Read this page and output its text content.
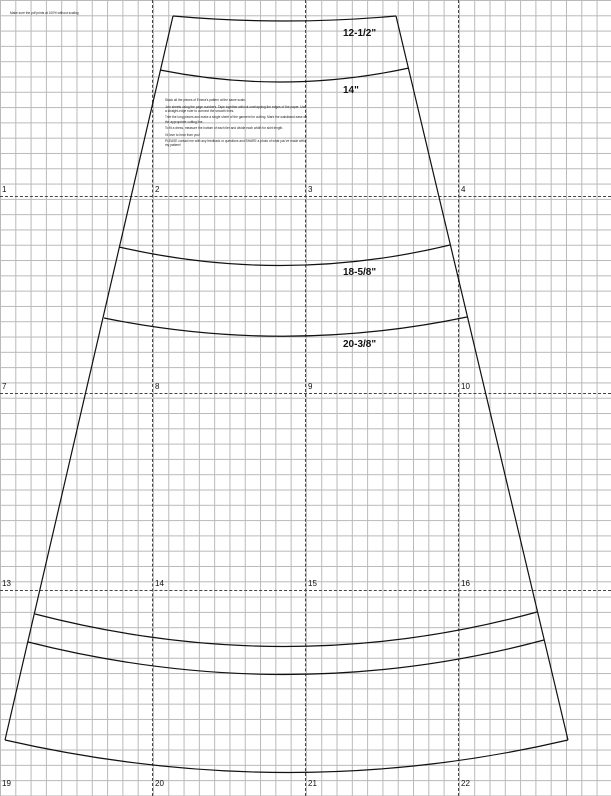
Make sure the pdf prints at 100% without scaling
12-1/2"
14"
18-5/8"
20-3/8"

Stack all the pieces of Emma's pattern at the same scale.

Join sheets using the page numbers. Tape together without overlapping the edges of the paper. Use a straight-edge ruler to connect the smooth lines.

Trim the long pieces and make a single sheet of the garment for cutting. Mark the waistband ease on the appropriate cutting line.

To fit a dress, measure the bottom of each tier and divide each width for skirt length.

I'd love to hear from you!

PLEASE contact me with any feedback or questions and SHARE a photo of what you've made with my pattern!

1	2	3	4
7	8	9	10
13	14	15	16
19	20	21	22
